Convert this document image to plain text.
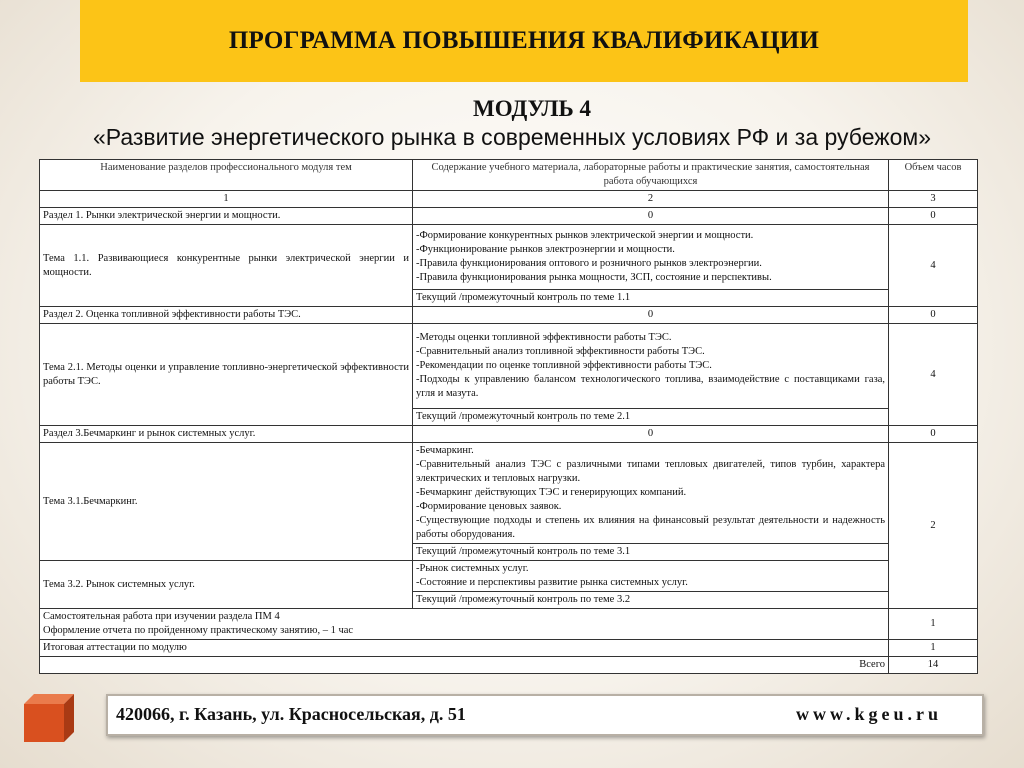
ПРОГРАММА ПОВЫШЕНИЯ КВАЛИФИКАЦИИ
МОДУЛЬ 4
«Развитие энергетического рынка в современных условиях РФ и за рубежом»
Наименование разделов профессионального модуля тем	Содержание учебного материала, лабораторные работы и практические занятия, самостоятельная работа обучающихся	Объем часов
1	2	3
Раздел 1. Рынки электрической энергии и мощности.	0	0
Тема 1.1. Развивающиеся конкурентные рынки электрической энергии и мощности.	-Формирование конкурентных рынков электрической энергии и мощности.
-Функционирование рынков электроэнергии и мощности.
-Правила функционирования оптового и розничного рынков электроэнергии.
-Правила функционирования рынка мощности, ЗСП, состояние и перспективы.	4
	Текущий /промежуточный контроль по теме 1.1	
Раздел 2. Оценка топливной эффективности работы ТЭС.	0	0
Тема 2.1. Методы оценки и управление топливно-энергетической эффективности работы ТЭС.	-Методы оценки топливной эффективности работы ТЭС.
-Сравнительный анализ топливной эффективности работы ТЭС.
-Рекомендации по оценке топливной эффективности работы ТЭС.
-Подходы к управлению балансом технологического топлива, взаимодействие с поставщиками газа, угля и мазута.	4
	Текущий /промежуточный контроль по теме 2.1	
Раздел 3.Бечмаркинг и рынок системных услуг.	0	0
Тема 3.1.Бечмаркинг.	-Бечмаркинг.
-Сравнительный анализ ТЭС с различными типами тепловых двигателей, типов турбин, характера электрических и тепловых нагрузки.
-Бечмаркинг действующих ТЭС и генерирующих компаний.
-Формирование ценовых заявок.
-Существующие подходы и степень их влияния на финансовый результат деятельности и надежность работы оборудования.	2
	Текущий /промежуточный контроль по теме 3.1	
Тема 3.2. Рынок системных услуг.	-Рынок системных услуг.
-Состояние и перспективы развитие рынка системных услуг.	

	Текущий /промежуточный контроль по теме 3.2	

Самостоятельная работа при изучении раздела ПМ 4
Оформление отчета по пройденному практическому занятию, – 1 час		1
Итоговая аттестации по модулю		1
Всего		14
420066, г. Казань, ул. Красносельская, д. 51	www.kgeu.ru
